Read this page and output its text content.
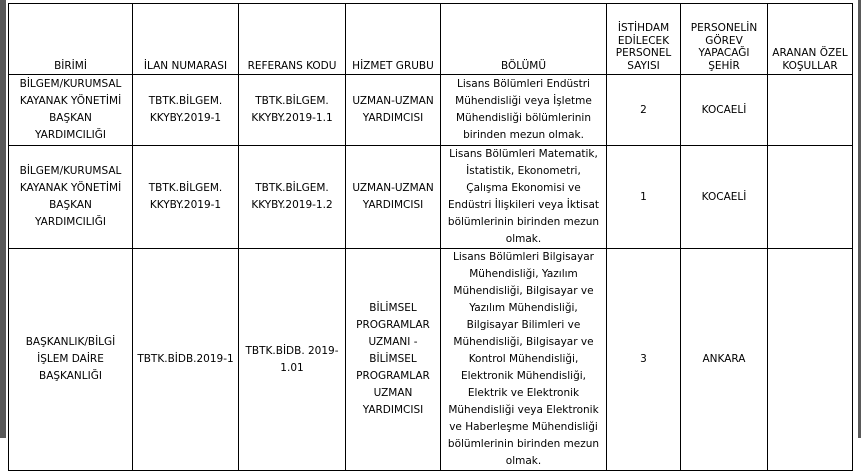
BİRİMİ	İLAN NUMARASI	REFERANS KODU	HİZMET GRUBU	BÖLÜMÜ	İSTİHDAM EDİLECEK PERSONEL SAYISI	PERSONELİN GÖREV YAPACAĞI ŞEHİR	ARANAN ÖZEL KOŞULLAR
BİLGEM/KURUMSAL KAYANAK YÖNETİMİ BAŞKAN YARDIMCILIĞI	TBTK.BİLGEM. KKYBY.2019-1	TBTK.BİLGEM. KKYBY.2019-1.1	UZMAN-UZMAN YARDIMCISI	Lisans Bölümleri Endüstri Mühendisliği veya İşletme Mühendisliği bölümlerinin birinden mezun olmak.	2	KOCAELİ	
BİLGEM/KURUMSAL KAYANAK YÖNETİMİ BAŞKAN YARDIMCILIĞI	TBTK.BİLGEM. KKYBY.2019-1	TBTK.BİLGEM. KKYBY.2019-1.2	UZMAN-UZMAN YARDIMCISI	Lisans Bölümleri Matematik, İstatistik, Ekonometri, Çalışma Ekonomisi ve Endüstri İlişkileri veya İktisat bölümlerinin birinden mezun olmak.	1	KOCAELİ	
BAŞKANLIK/BİLGİ İŞLEM DAİRE BAŞKANLIĞI	TBTK.BİDB.2019-1	TBTK.BİDB. 2019-1.01	BİLİMSEL PROGRAMLAR UZMANI - BİLİMSEL PROGRAMLAR UZMAN YARDIMCISI	Lisans Bölümleri Bilgisayar Mühendisliği, Yazılım Mühendisliği, Bilgisayar ve Yazılım Mühendisliği, Bilgisayar Bilimleri ve Mühendisliği, Bilgisayar ve Kontrol Mühendisliği, Elektronik Mühendisliği, Elektrik ve Elektronik Mühendisliği veya Elektronik ve Haberleşme Mühendisliği bölümlerinin birinden mezun olmak.	3	ANKARA	
